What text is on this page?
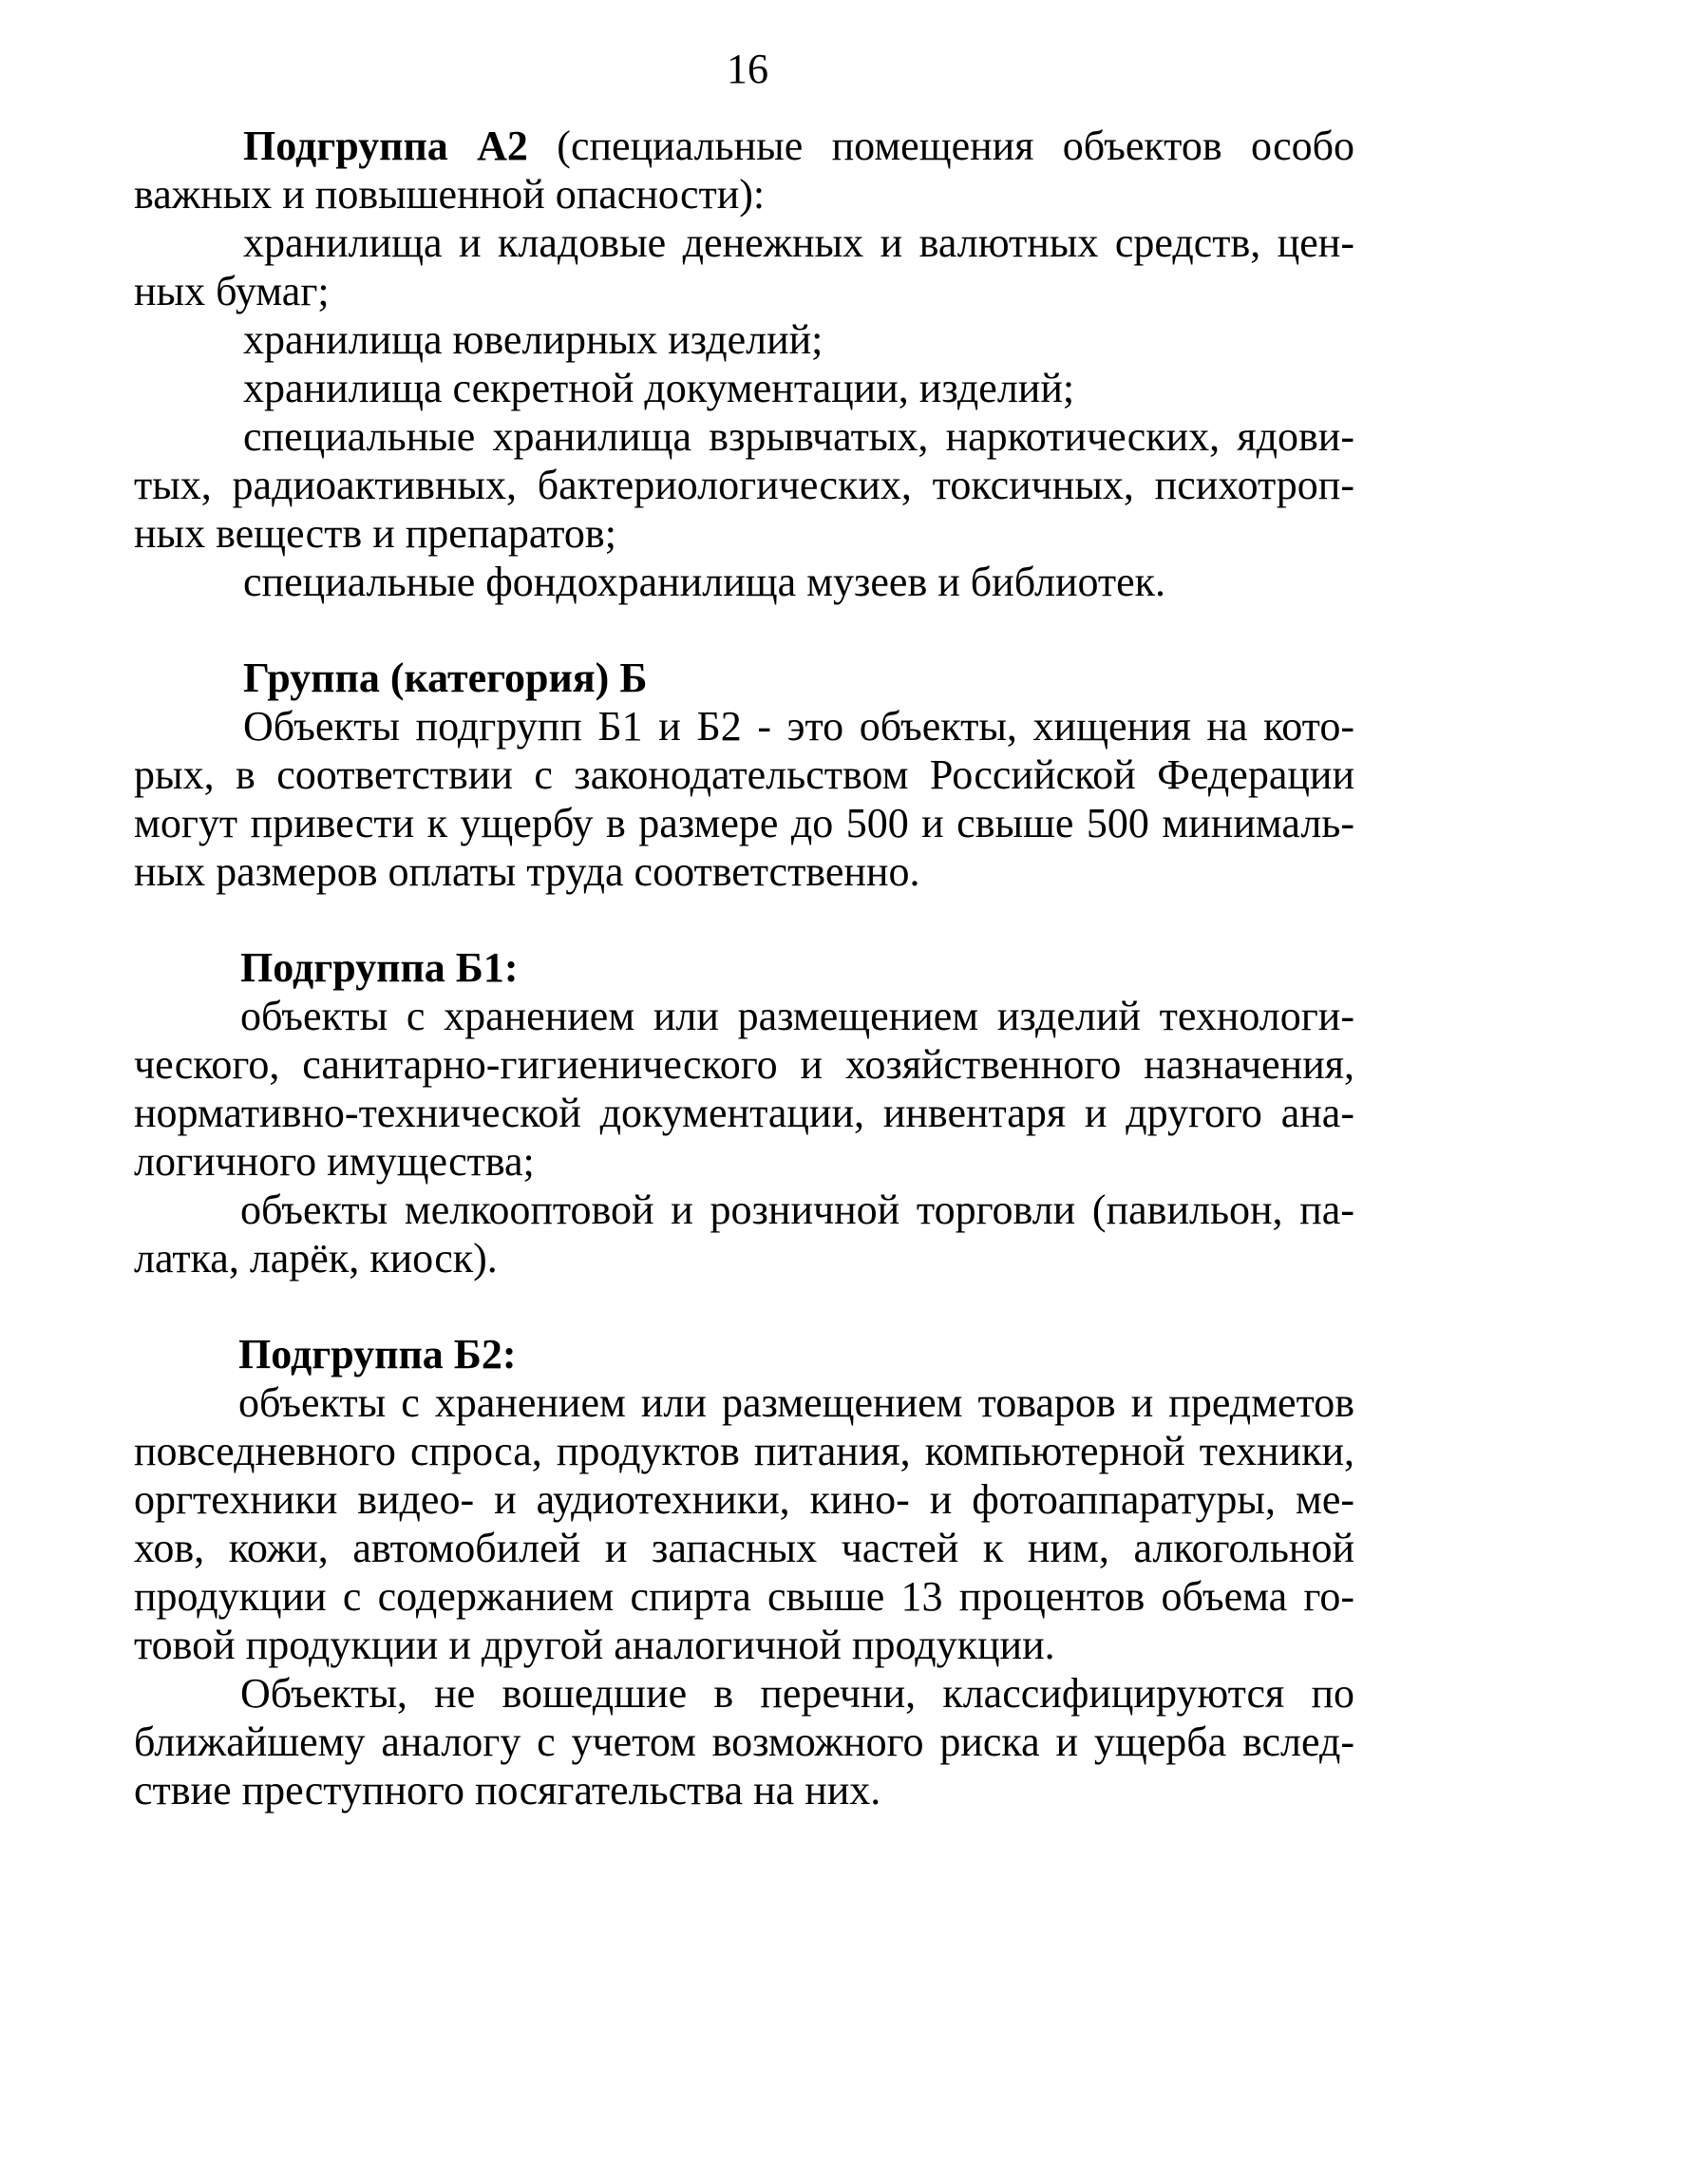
16
Подгруппа А2 (специальные помещения объектов особо
важных и повышенной опасности):
хранилища и кладовые денежных и валютных средств, цен-
ных бумаг;
хранилища ювелирных изделий;
хранилища секретной документации, изделий;
специальные хранилища взрывчатых, наркотических, ядови-
тых, радиоактивных, бактериологических, токсичных, психотроп-
ных веществ и препаратов;
специальные фондохранилища музеев и библиотек.
Группа (категория) Б
Объекты подгрупп Б1 и Б2 - это объекты, хищения на кото-
рых, в соответствии с законодательством Российской Федерации
могут привести к ущербу в размере до 500 и свыше 500 минималь-
ных размеров оплаты труда соответственно.
Подгруппа Б1:
объекты с хранением или размещением изделий технологи-
ческого, санитарно-гигиенического и хозяйственного назначения,
нормативно-технической документации, инвентаря и другого ана-
логичного имущества;
объекты мелкооптовой и розничной торговли (павильон, па-
латка, ларёк, киоск).
Подгруппа Б2:
объекты с хранением или размещением товаров и предметов
повседневного спроса, продуктов питания, компьютерной техники,
оргтехники видео- и аудиотехники, кино- и фотоаппаратуры, ме-
хов, кожи, автомобилей и запасных частей к ним, алкогольной
продукции с содержанием спирта свыше 13 процентов объема го-
товой продукции и другой аналогичной продукции.
Объекты, не вошедшие в перечни, классифицируются по
ближайшему аналогу с учетом возможного риска и ущерба вслед-
ствие преступного посягательства на них.
